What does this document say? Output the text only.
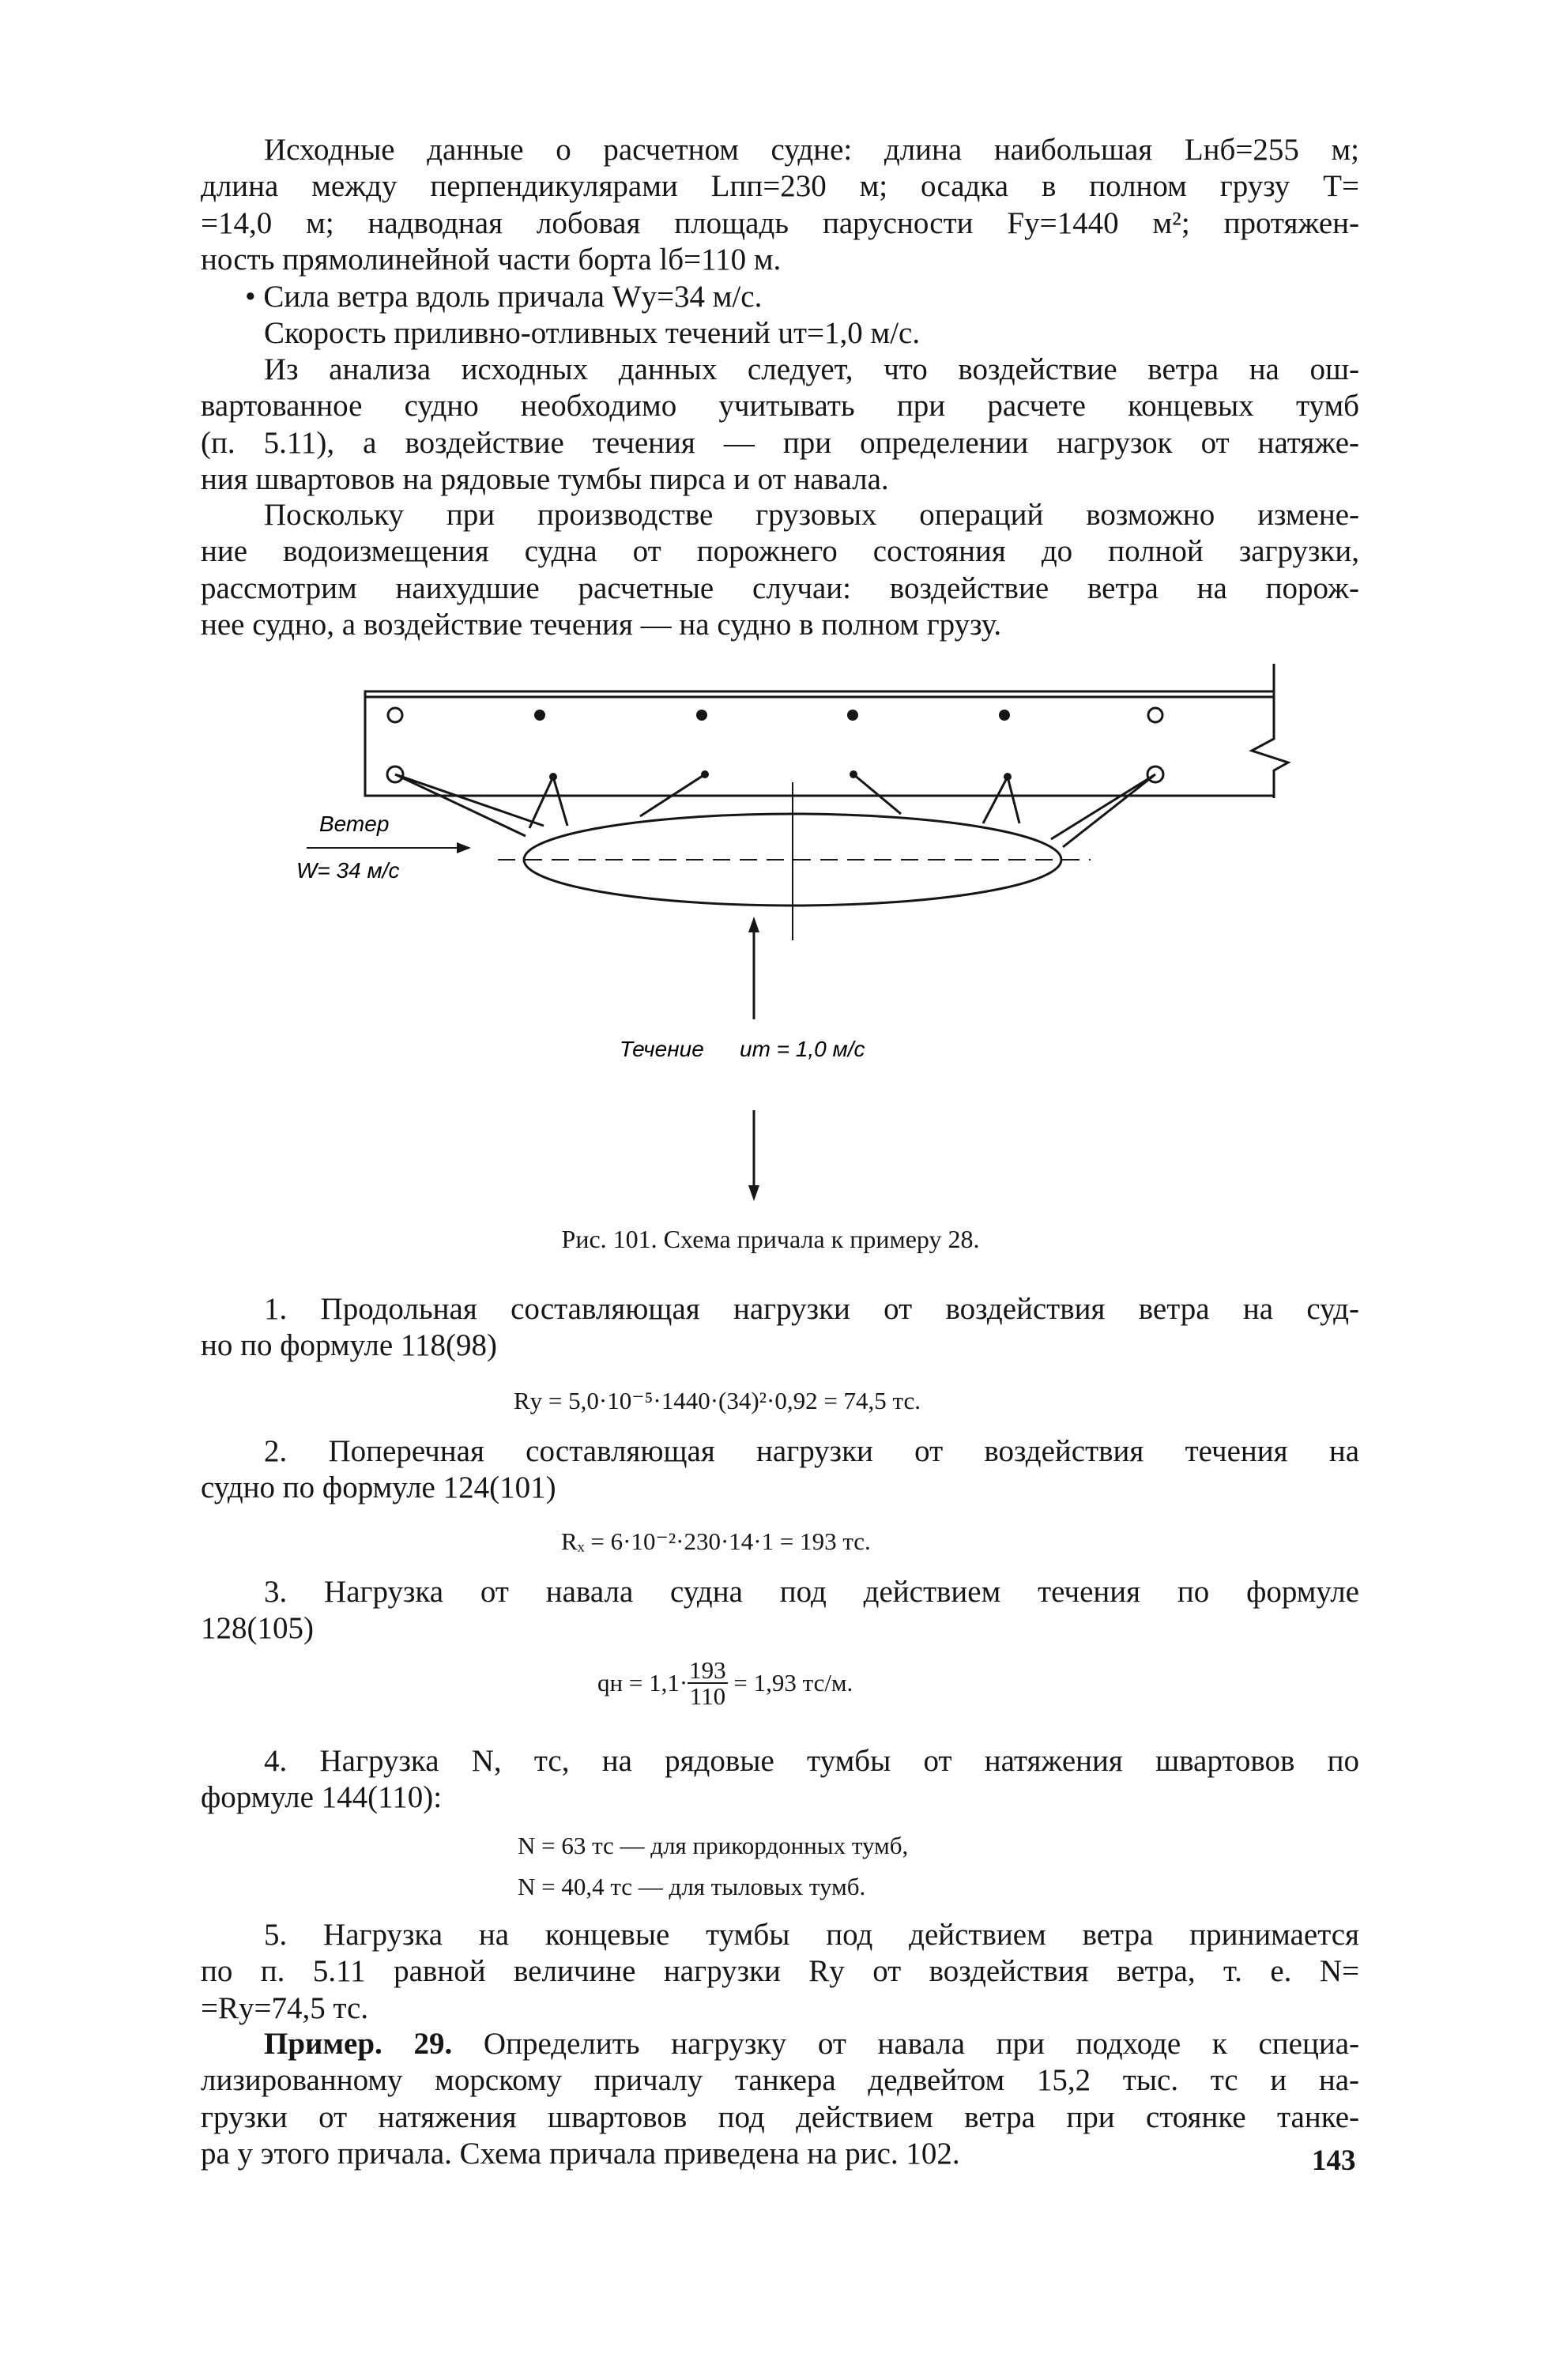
Исходные данные о расчетном судне: длина наибольшая Lнб=255 м;
длина между перпендикулярами Lпп=230 м; осадка в полном грузу T=
=14,0 м; надводная лобовая площадь парусности Fу=1440 м²; протяжен-
ность прямолинейной части борта lб=110 м.
• Сила ветра вдоль причала Wу=34 м/с.
Скорость приливно-отливных течений uт=1,0 м/с.
Из анализа исходных данных следует, что воздействие ветра на ош-
вартованное судно необходимо учитывать при расчете концевых тумб
(п. 5.11), а воздействие течения — при определении нагрузок от натяже-
ния швартовов на рядовые тумбы пирса и от навала.
Поскольку при производстве грузовых операций возможно измене-
ние водоизмещения судна от порожнего состояния до полной загрузки,
рассмотрим наихудшие расчетные случаи: воздействие ветра на порож-
нее судно, а воздействие течения — на судно в полном грузу.
Ветер
W= 34 м/с
Течение uт = 1,0 м/с
Рис. 101. Схема причала к примеру 28.
1. Продольная составляющая нагрузки от воздействия ветра на суд-
но по формуле 118(98)
Rу = 5,0·10⁻⁵·1440·(34)²·0,92 = 74,5 тс.
2. Поперечная составляющая нагрузки от воздействия течения на
судно по формуле 124(101)
Rₓ = 6·10⁻²·230·14·1 = 193 тс.
3. Нагрузка от навала судна под действием течения по формуле
128(105)
qн = $1,1\cdot \frac{193}{110} = 1,93$ тс/м.
4. Нагрузка N, тс, на рядовые тумбы от натяжения швартовов по
формуле 144(110):
N = 63 тс — для прикордонных тумб,
N = 40,4 тс — для тыловых тумб.
5. Нагрузка на концевые тумбы под действием ветра принимается
по п. 5.11 равной величине нагрузки Rу от воздействия ветра, т. е. N=
=Rу=74,5 тс.
Пример. 29. Определить нагрузку от навала при подходе к специа-
лизированному морскому причалу танкера дедвейтом 15,2 тыс. тс и на-
грузки от натяжения швартовов под действием ветра при стоянке танке-
ра у этого причала. Схема причала приведена на рис. 102.	143
